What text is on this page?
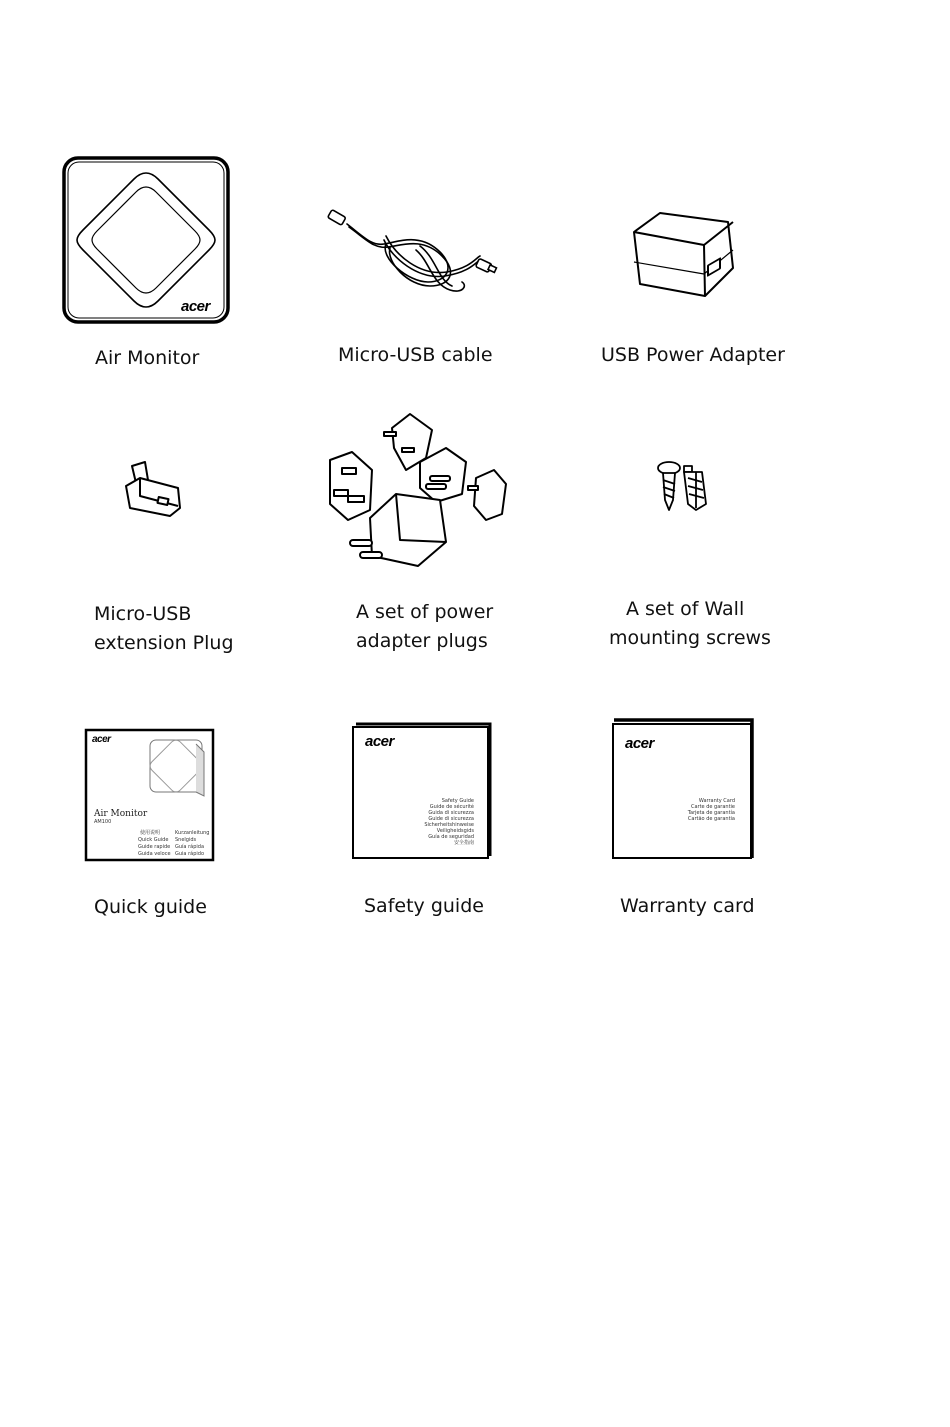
acer
Air Monitor	Micro-USB cable	USB Power Adapter
Micro-USB
extension Plug
A set of power
adapter plugs
A set of Wall
mounting screws
acer
Air Monitor
AM100
使用说明
Quick Guide
Guide rapide
Guida veloce
Kurzanleitung
Snelgids
Guía rápida
Guia rápido
Quick guide
acer
Safety Guide
Guide de sécurité
Guida di sicurezza
Guide di sicurezza
Sicherheitshinweise
Veiligheidsgids
Guía de seguridad
安全指南
Safety guide
acer
Warranty Card
Carte de garantie
Tarjeta de garantía
Cartão de garantia
Warranty card
